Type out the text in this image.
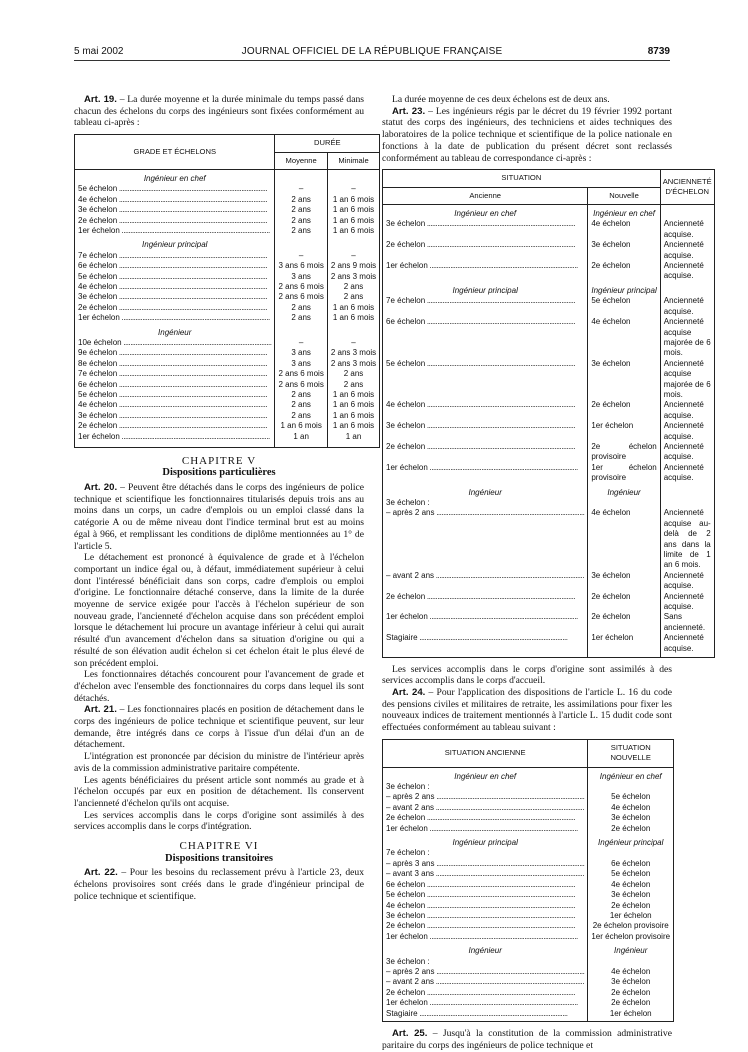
5 mai 2002	JOURNAL OFFICIEL DE LA RÉPUBLIQUE FRANÇAISE	8739

Art. 19. – La durée moyenne et la durée minimale du temps passé dans chacun des échelons du corps des ingénieurs sont fixées conformément au tableau ci-après :

GRADE ET ÉCHELONS	DURÉE	
	Moyenne	Minimale
Ingénieur en chef		
5e échelon .....	–	–
4e échelon .....	2 ans	1 an 6 mois
3e échelon .....	2 ans	1 an 6 mois
2e échelon .....	2 ans	1 an 6 mois
1er échelon .....	2 ans	1 an 6 mois
Ingénieur principal		
7e échelon .....	–	–
6e échelon .....	3 ans 6 mois	2 ans 9 mois
5e échelon .....	3 ans	2 ans 3 mois
4e échelon .....	2 ans 6 mois	2 ans
3e échelon .....	2 ans 6 mois	2 ans
2e échelon .....	2 ans	1 an 6 mois
1er échelon .....	2 ans	1 an 6 mois
Ingénieur		
10e échelon .....	–	–
9e échelon .....	3 ans	2 ans 3 mois
8e échelon .....	3 ans	2 ans 3 mois
7e échelon .....	2 ans 6 mois	2 ans
6e échelon .....	2 ans 6 mois	2 ans
5e échelon .....	2 ans	1 an 6 mois
4e échelon .....	2 ans	1 an 6 mois
3e échelon .....	2 ans	1 an 6 mois
2e échelon .....	1 an 6 mois	1 an 6 mois
1er échelon .....	1 an	1 an

CHAPITRE V

Dispositions particulières

Art. 20. – Peuvent être détachés dans le corps des ingénieurs de police technique et scientifique les fonctionnaires titularisés depuis trois ans au moins dans un corps, un cadre d'emplois ou un emploi classé dans la catégorie A ou de même niveau dont l'indice terminal brut est au moins égal à 966, et remplissant les conditions de diplôme mentionnées au 1° de l'article 5.

Le détachement est prononcé à équivalence de grade et à l'échelon comportant un indice égal ou, à défaut, immédiatement supérieur à celui dont l'intéressé bénéficiait dans son corps, cadre d'emplois ou emploi d'origine. Le fonctionnaire détaché conserve, dans la limite de la durée moyenne de service exigée pour l'accès à l'échelon supérieur de son nouveau grade, l'ancienneté d'échelon acquise dans son précédent emploi lorsque le détachement lui procure un avantage inférieur à celui qui aurait résulté d'un avancement d'échelon dans sa situation d'origine ou qui a résulté de son élévation audit échelon si cet échelon était le plus élevé de son précédent emploi.

Les fonctionnaires détachés concourent pour l'avancement de grade et d'échelon avec l'ensemble des fonctionnaires du corps dans lequel ils sont détachés.

Art. 21. – Les fonctionnaires placés en position de détachement dans le corps des ingénieurs de police technique et scientifique peuvent, sur leur demande, être intégrés dans ce corps à l'issue d'un délai d'un an de détachement.

L'intégration est prononcée par décision du ministre de l'intérieur après avis de la commission administrative paritaire compétente.

Les agents bénéficiaires du présent article sont nommés au grade et à l'échelon occupés par eux en position de détachement. Ils conservent l'ancienneté d'échelon qu'ils ont acquise.

Les services accomplis dans le corps d'origine sont assimilés à des services accomplis dans le corps d'intégration.

CHAPITRE VI

Dispositions transitoires

Art. 22. – Pour les besoins du reclassement prévu à l'article 23, deux échelons provisoires sont créés dans le grade d'ingénieur principal de police technique et scientifique.

La durée moyenne de ces deux échelons est de deux ans.

Art. 23. – Les ingénieurs régis par le décret du 19 février 1992 portant statut des corps des ingénieurs, des techniciens et aides techniques des laboratoires de la police technique et scientifique de la police nationale en fonctions à la date de publication du présent décret sont reclassés conformément au tableau de correspondance ci-après :

SITUATION		ANCIENNETÉ D'ÉCHELON
Ancienne	Nouvelle	
Ingénieur en chef	Ingénieur en chef	
3e échelon .....	4e échelon	Ancienneté acquise.
2e échelon .....	3e échelon	Ancienneté acquise.
1er échelon .....	2e échelon	Ancienneté acquise.
Ingénieur principal	Ingénieur principal	
7e échelon .....	5e échelon	Ancienneté acquise.
6e échelon .....	4e échelon	Ancienneté acquise majorée de 6 mois.
5e échelon .....	3e échelon	Ancienneté acquise majorée de 6 mois.
4e échelon .....	2e échelon	Ancienneté acquise.
3e échelon .....	1er échelon	Ancienneté acquise.
2e échelon .....	2e échelon provisoire	Ancienneté acquise.
1er échelon .....	1er échelon provisoire	Ancienneté acquise.
Ingénieur	Ingénieur	
3e échelon :		
– après 2 ans .....	4e échelon	Ancienneté acquise au-delà de 2 ans dans la limite de 1 an 6 mois.
– avant 2 ans .....	3e échelon	Ancienneté acquise.
2e échelon .....	2e échelon	Ancienneté acquise.
1er échelon .....	2e échelon	Sans ancienneté.
Stagiaire .....	1er échelon	Ancienneté acquise.

Les services accomplis dans le corps d'origine sont assimilés à des services accomplis dans le corps d'accueil.

Art. 24. – Pour l'application des dispositions de l'article L. 16 du code des pensions civiles et militaires de retraite, les assimilations pour fixer les nouveaux indices de traitement mentionnés à l'article L. 15 dudit code sont effectuées conformément au tableau suivant :

SITUATION ANCIENNE	SITUATION NOUVELLE
Ingénieur en chef	Ingénieur en chef
3e échelon :	
– après 2 ans .....	5e échelon
– avant 2 ans .....	4e échelon
2e échelon .....	3e échelon
1er échelon .....	2e échelon
Ingénieur principal	Ingénieur principal
7e échelon :	
– après 3 ans .....	6e échelon
– avant 3 ans .....	5e échelon
6e échelon .....	4e échelon
5e échelon .....	3e échelon
4e échelon .....	2e échelon
3e échelon .....	1er échelon
2e échelon .....	2e échelon provisoire
1er échelon .....	1er échelon provisoire
Ingénieur	Ingénieur
3e échelon :	
– après 2 ans .....	4e échelon
– avant 2 ans .....	3e échelon
2e échelon .....	2e échelon
1er échelon .....	2e échelon
Stagiaire .....	1er échelon

Art. 25. – Jusqu'à la constitution de la commission administrative paritaire du corps des ingénieurs de police technique et
